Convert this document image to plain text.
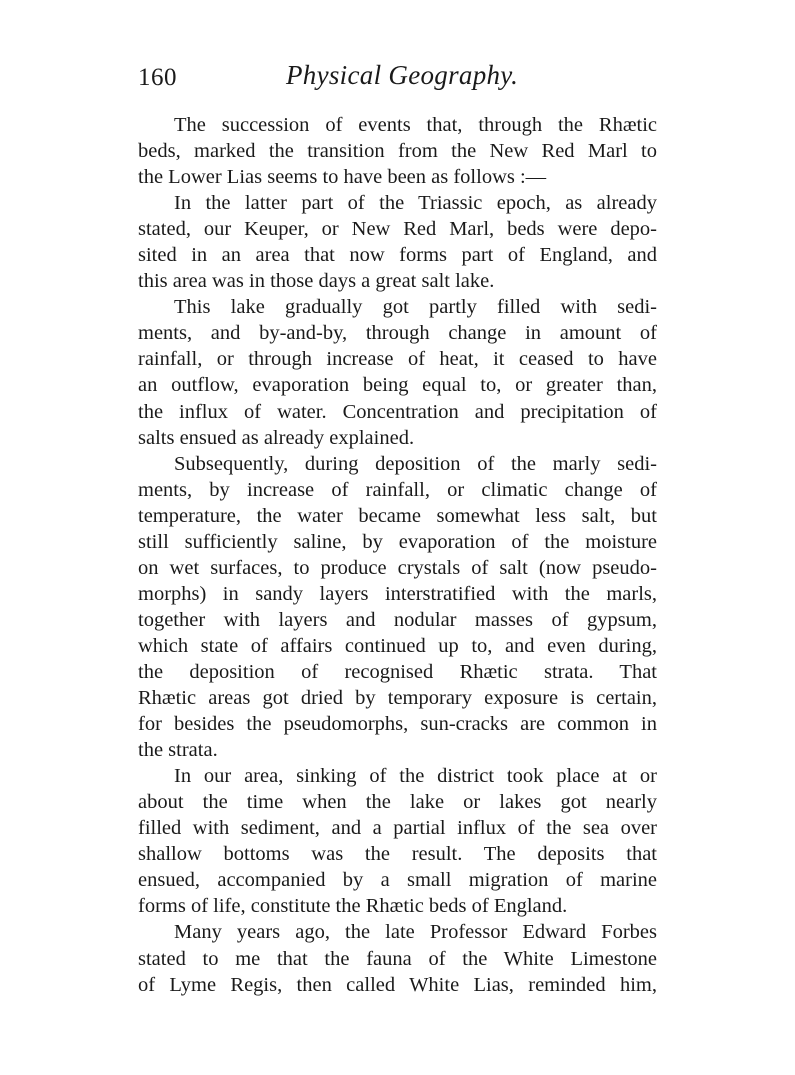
160	Physical Geography.
The succession of events that, through the Rhætic
beds, marked the transition from the New Red Marl to
the Lower Lias seems to have been as follows :—
In the latter part of the Triassic epoch, as already
stated, our Keuper, or New Red Marl, beds were depo-
sited in an area that now forms part of England, and
this area was in those days a great salt lake.
This lake gradually got partly filled with sedi-
ments, and by-and-by, through change in amount of
rainfall, or through increase of heat, it ceased to have
an outflow, evaporation being equal to, or greater than,
the influx of water. Concentration and precipitation of
salts ensued as already explained.
Subsequently, during deposition of the marly sedi-
ments, by increase of rainfall, or climatic change of
temperature, the water became somewhat less salt, but
still sufficiently saline, by evaporation of the moisture
on wet surfaces, to produce crystals of salt (now pseudo-
morphs) in sandy layers interstratified with the marls,
together with layers and nodular masses of gypsum,
which state of affairs continued up to, and even during,
the deposition of recognised Rhætic strata. That
Rhætic areas got dried by temporary exposure is certain,
for besides the pseudomorphs, sun-cracks are common in
the strata.
In our area, sinking of the district took place at or
about the time when the lake or lakes got nearly
filled with sediment, and a partial influx of the sea over
shallow bottoms was the result. The deposits that
ensued, accompanied by a small migration of marine
forms of life, constitute the Rhætic beds of England.
Many years ago, the late Professor Edward Forbes
stated to me that the fauna of the White Limestone
of Lyme Regis, then called White Lias, reminded him,
